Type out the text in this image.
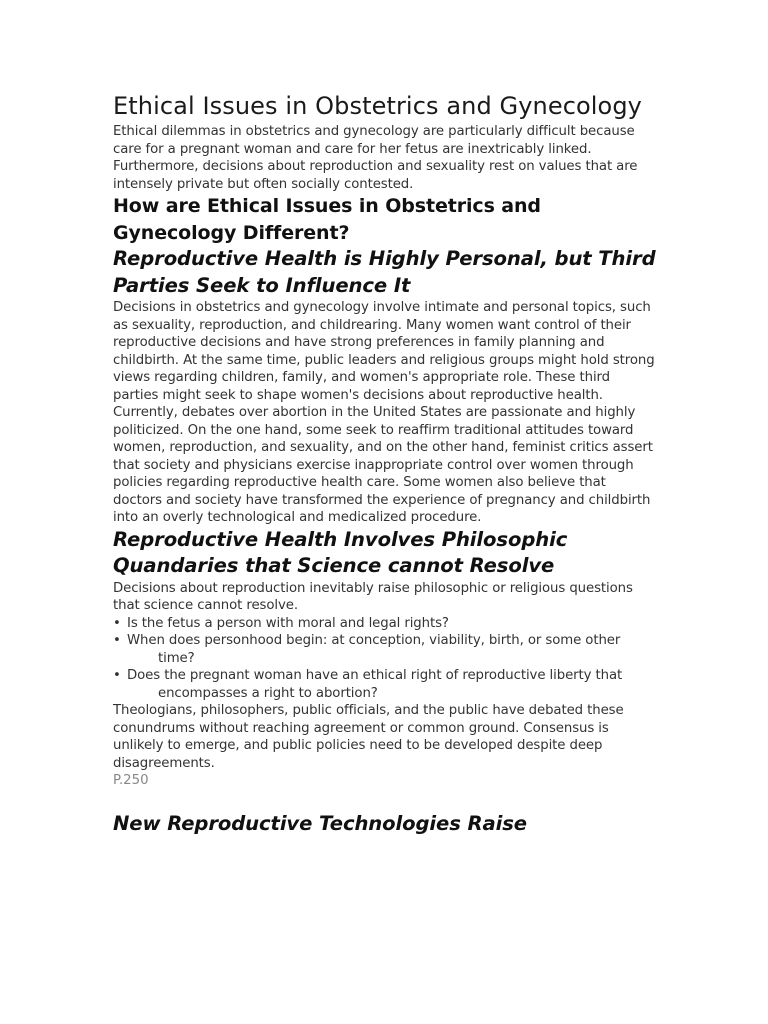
Ethical Issues in Obstetrics and Gynecology

Ethical dilemmas in obstetrics and gynecology are particularly difficult because care for a pregnant woman and care for her fetus are inextricably linked. Furthermore, decisions about reproduction and sexuality rest on values that are intensely private but often socially contested.

How are Ethical Issues in Obstetrics and Gynecology Different?
Reproductive Health is Highly Personal, but Third Parties Seek to Influence It

Decisions in obstetrics and gynecology involve intimate and personal topics, such as sexuality, reproduction, and childrearing. Many women want control of their reproductive decisions and have strong preferences in family planning and childbirth. At the same time, public leaders and religious groups might hold strong views regarding children, family, and women's appropriate role. These third parties might seek to shape women's decisions about reproductive health. Currently, debates over abortion in the United States are passionate and highly politicized. On the one hand, some seek to reaffirm traditional attitudes toward women, reproduction, and sexuality, and on the other hand, feminist critics assert that society and physicians exercise inappropriate control over women through policies regarding reproductive health care. Some women also believe that doctors and society have transformed the experience of pregnancy and childbirth into an overly technological and medicalized procedure.

Reproductive Health Involves Philosophic Quandaries that Science cannot Resolve

Decisions about reproduction inevitably raise philosophic or religious questions that science cannot resolve.

• Is the fetus a person with moral and legal rights?
• When does personhood begin: at conception, viability, birth, or some other time?
• Does the pregnant woman have an ethical right of reproductive liberty that encompasses a right to abortion?

Theologians, philosophers, public officials, and the public have debated these conundrums without reaching agreement or common ground. Consensus is unlikely to emerge, and public policies need to be developed despite deep disagreements.

P.250

New Reproductive Technologies Raise
